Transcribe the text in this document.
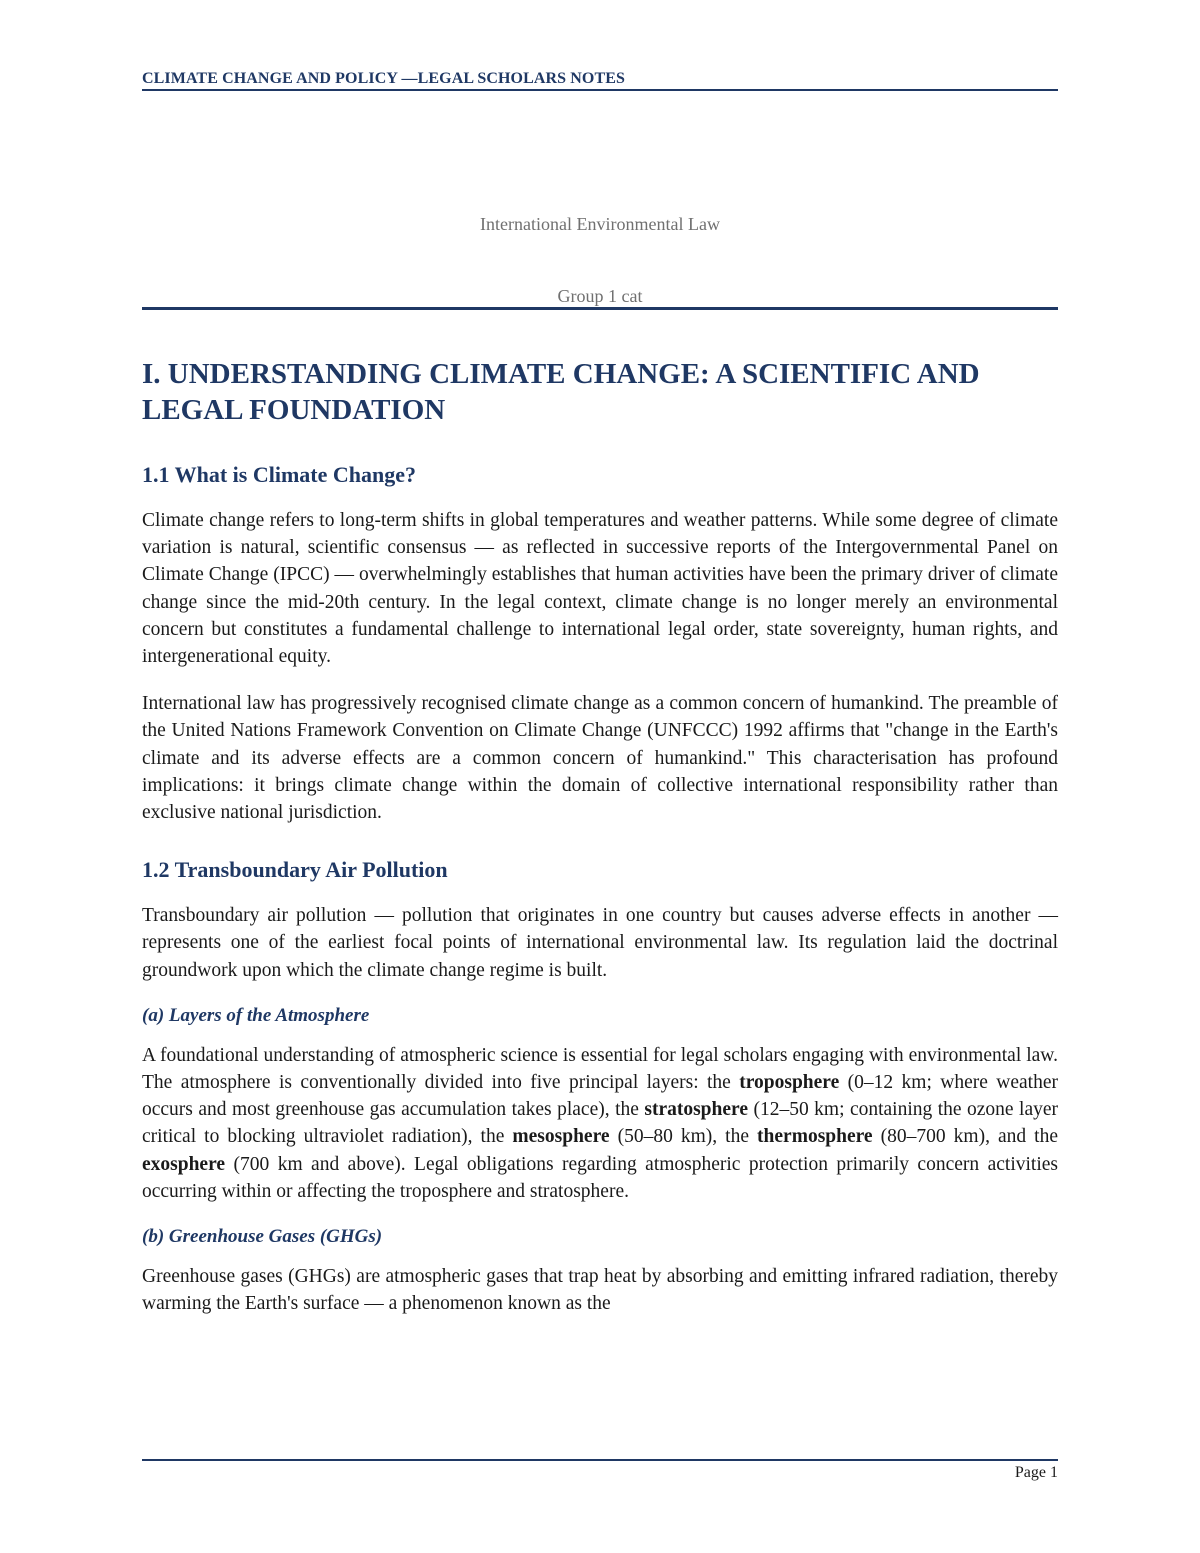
CLIMATE CHANGE AND POLICY —LEGAL SCHOLARS NOTES
International Environmental Law
Group 1 cat
I. UNDERSTANDING CLIMATE CHANGE: A SCIENTIFIC AND LEGAL FOUNDATION
1.1 What is Climate Change?

Climate change refers to long-term shifts in global temperatures and weather patterns. While some degree of climate variation is natural, scientific consensus — as reflected in successive reports of the Intergovernmental Panel on Climate Change (IPCC) — overwhelmingly establishes that human activities have been the primary driver of climate change since the mid-20th century. In the legal context, climate change is no longer merely an environmental concern but constitutes a fundamental challenge to international legal order, state sovereignty, human rights, and intergenerational equity.

International law has progressively recognised climate change as a common concern of humankind. The preamble of the United Nations Framework Convention on Climate Change (UNFCCC) 1992 affirms that "change in the Earth's climate and its adverse effects are a common concern of humankind." This characterisation has profound implications: it brings climate change within the domain of collective international responsibility rather than exclusive national jurisdiction.

1.2 Transboundary Air Pollution

Transboundary air pollution — pollution that originates in one country but causes adverse effects in another — represents one of the earliest focal points of international environmental law. Its regulation laid the doctrinal groundwork upon which the climate change regime is built.

(a) Layers of the Atmosphere

A foundational understanding of atmospheric science is essential for legal scholars engaging with environmental law. The atmosphere is conventionally divided into five principal layers: the troposphere (0–12 km; where weather occurs and most greenhouse gas accumulation takes place), the stratosphere (12–50 km; containing the ozone layer critical to blocking ultraviolet radiation), the mesosphere (50–80 km), the thermosphere (80–700 km), and the exosphere (700 km and above). Legal obligations regarding atmospheric protection primarily concern activities occurring within or affecting the troposphere and stratosphere.

(b) Greenhouse Gases (GHGs)

Greenhouse gases (GHGs) are atmospheric gases that trap heat by absorbing and emitting infrared radiation, thereby warming the Earth's surface — a phenomenon known as the

Page 1
